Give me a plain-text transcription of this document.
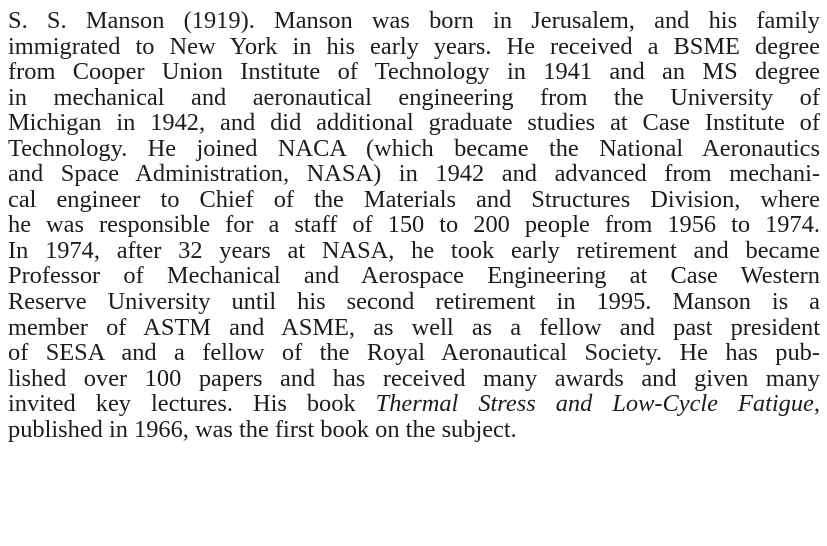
S. S. Manson (1919). Manson was born in Jerusalem, and his family
immigrated to New York in his early years. He received a BSME degree
from Cooper Union Institute of Technology in 1941 and an MS degree
in mechanical and aeronautical engineering from the University of
Michigan in 1942, and did additional graduate studies at Case Institute of
Technology. He joined NACA (which became the National Aeronautics
and Space Administration, NASA) in 1942 and advanced from mechani-
cal engineer to Chief of the Materials and Structures Division, where
he was responsible for a staff of 150 to 200 people from 1956 to 1974.
In 1974, after 32 years at NASA, he took early retirement and became
Professor of Mechanical and Aerospace Engineering at Case Western
Reserve University until his second retirement in 1995. Manson is a
member of ASTM and ASME, as well as a fellow and past president
of SESA and a fellow of the Royal Aeronautical Society. He has pub-
lished over 100 papers and has received many awards and given many
invited key lectures. His book Thermal Stress and Low-Cycle Fatigue,
published in 1966, was the first book on the subject.
